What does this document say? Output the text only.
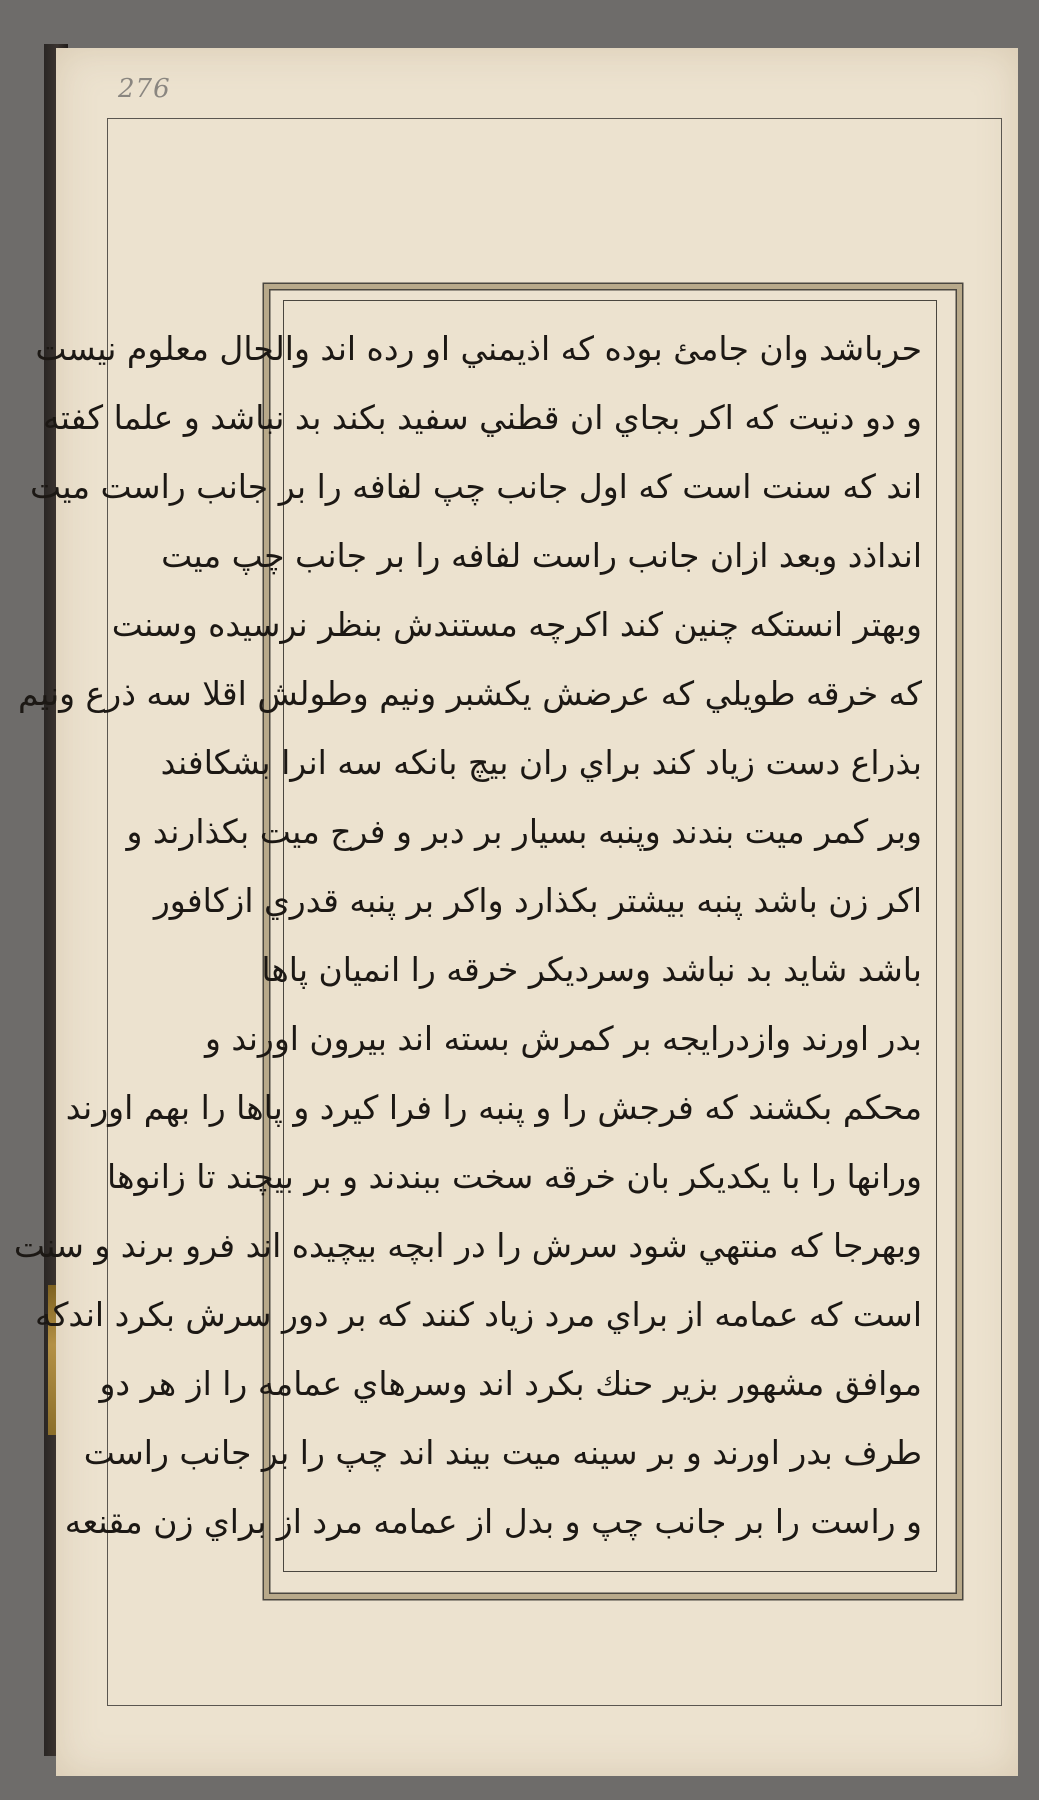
276
حرباشد وان جامئ بوده كه اذيمني او رده اند والحال معلوم نيست
و دو دنيت كه اكر بجاي ان قطني سفيد بكند بد نباشد و علما كفته
اند كه سنت است كه اول جانب چپ لفافه را بر جانب راست ميت
انداذد وبعد ازان جانب راست لفافه را بر جانب چپ ميت
وبهتر انستكه چنين كند اكرچه مستندش بنظر نرسيده وسنت
كه خرقه طويلي كه عرضش يكشبر ونيم وطولش اقلا سه ذرع ونيم
بذراع دست زياد كند براي ران بيچ بانكه سه انرا بشكافند
وبر كمر ميت بندند وپنبه بسيار بر دبر و فرج ميت بكذارند و
اكر زن باشد پنبه بيشتر بكذارد واكر بر پنبه قدري ازكافور
باشد شايد بد نباشد وسرديكر خرقه را انميان پاها
بدر اورند وازدرايجه بر كمرش بسته اند بيرون اورند و
محكم بكشند كه فرجش را و پنبه را فرا كيرد و پاها را بهم اورند
ورانها را با يكديكر بان خرقه سخت ببندند و بر بيچند تا زانوها
وبهرجا كه منتهي شود سرش را در ابچه بيچيده اند فرو برند و سنت
است كه عمامه از براي مرد زياد كنند كه بر دور سرش بكرد اندكه
موافق مشهور بزير حنك بكرد اند وسرهاي عمامه را از هر دو
طرف بدر اورند و بر سينه ميت بيند اند چپ را بر جانب راست
و راست را بر جانب چپ و بدل از عمامه مرد از براي زن مقنعه
